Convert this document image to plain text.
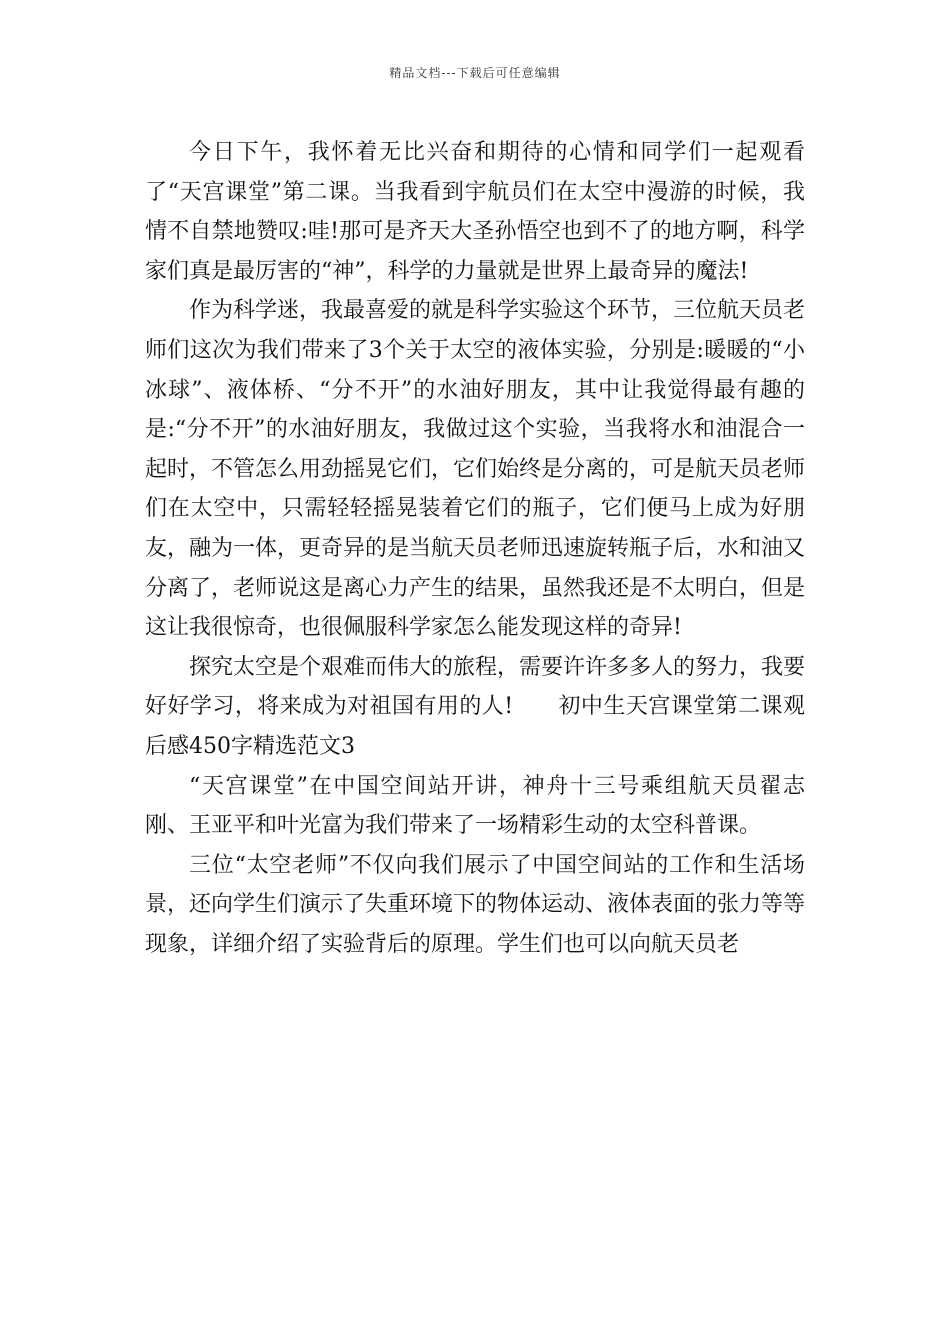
精品文档---下载后可任意编辑

今日下午，我怀着无比兴奋和期待的心情和同学们一起观看了“天宫课堂”第二课。当我看到宇航员们在太空中漫游的时候，我情不自禁地赞叹:哇!那可是齐天大圣孙悟空也到不了的地方啊，科学家们真是最厉害的“神”，科学的力量就是世界上最奇异的魔法!

作为科学迷，我最喜爱的就是科学实验这个环节，三位航天员老师们这次为我们带来了3个关于太空的液体实验，分别是:暖暖的“小冰球”、液体桥、“分不开”的水油好朋友，其中让我觉得最有趣的是:“分不开”的水油好朋友，我做过这个实验，当我将水和油混合一起时，不管怎么用劲摇晃它们，它们始终是分离的，可是航天员老师们在太空中，只需轻轻摇晃装着它们的瓶子，它们便马上成为好朋友，融为一体，更奇异的是当航天员老师迅速旋转瓶子后，水和油又分离了，老师说这是离心力产生的结果，虽然我还是不太明白，但是这让我很惊奇，也很佩服科学家怎么能发现这样的奇异!

探究太空是个艰难而伟大的旅程，需要许许多多人的努力，我要好好学习，将来成为对祖国有用的人!　　初中生天宫课堂第二课观后感450字精选范文3

“天宫课堂”在中国空间站开讲，神舟十三号乘组航天员翟志刚、王亚平和叶光富为我们带来了一场精彩生动的太空科普课。

三位“太空老师”不仅向我们展示了中国空间站的工作和生活场景，还向学生们演示了失重环境下的物体运动、液体表面的张力等等现象，详细介绍了实验背后的原理。学生们也可以向航天员老
